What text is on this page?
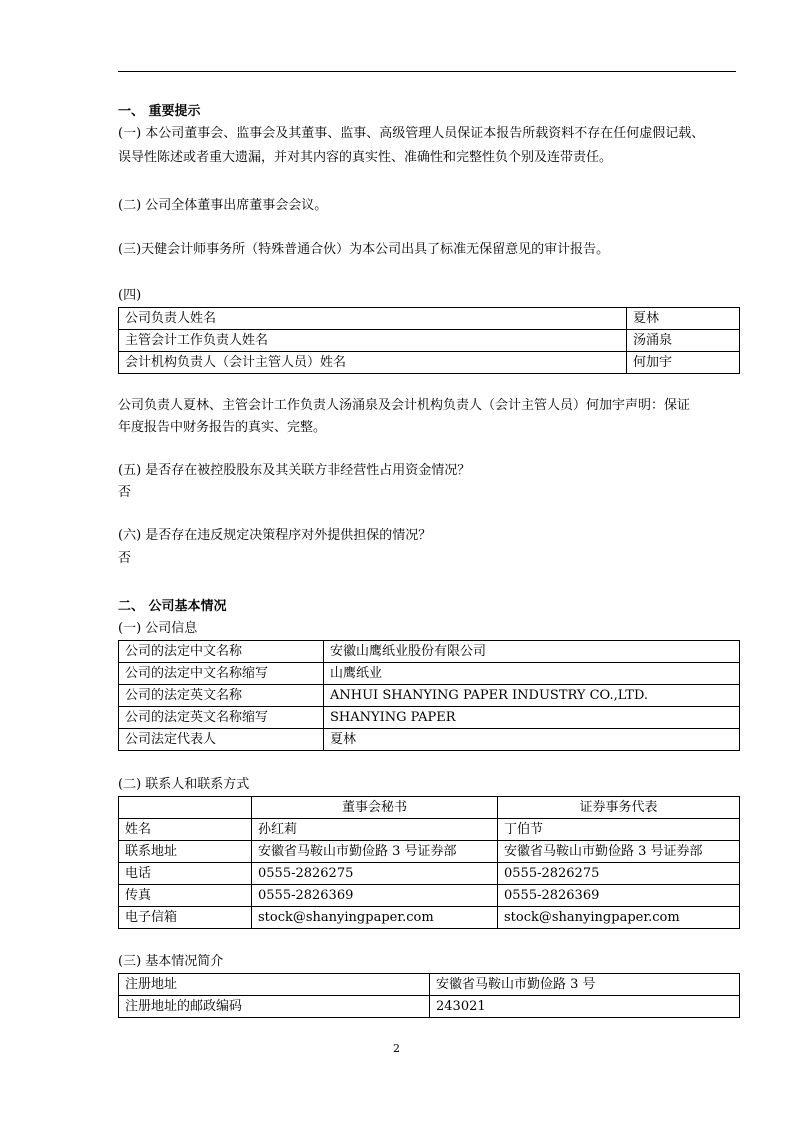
一、 重要提示
(一) 本公司董事会、监事会及其董事、监事、高级管理人员保证本报告所载资料不存在任何虚假记载、
误导性陈述或者重大遗漏，并对其内容的真实性、准确性和完整性负个别及连带责任。
(二) 公司全体董事出席董事会会议。
(三)天健会计师事务所（特殊普通合伙）为本公司出具了标准无保留意见的审计报告。
(四)
公司负责人姓名	夏林
主管会计工作负责人姓名	汤涌泉
会计机构负责人（会计主管人员）姓名	何加宇
公司负责人夏林、主管会计工作负责人汤涌泉及会计机构负责人（会计主管人员）何加宇声明：保证
年度报告中财务报告的真实、完整。
(五) 是否存在被控股股东及其关联方非经营性占用资金情况？
否
(六) 是否存在违反规定决策程序对外提供担保的情况？
否
二、 公司基本情况
(一) 公司信息
公司的法定中文名称	安徽山鹰纸业股份有限公司
公司的法定中文名称缩写	山鹰纸业
公司的法定英文名称	ANHUI SHANYING PAPER INDUSTRY CO.,LTD.
公司的法定英文名称缩写	SHANYING PAPER
公司法定代表人	夏林
(二) 联系人和联系方式
	董事会秘书	证券事务代表
姓名	孙红莉	丁伯节
联系地址	安徽省马鞍山市勤俭路 3 号证券部	安徽省马鞍山市勤俭路 3 号证券部
电话	0555-2826275	0555-2826275
传真	0555-2826369	0555-2826369
电子信箱	stock@shanyingpaper.com	stock@shanyingpaper.com
(三) 基本情况简介
注册地址	安徽省马鞍山市勤俭路 3 号
注册地址的邮政编码	243021
2
